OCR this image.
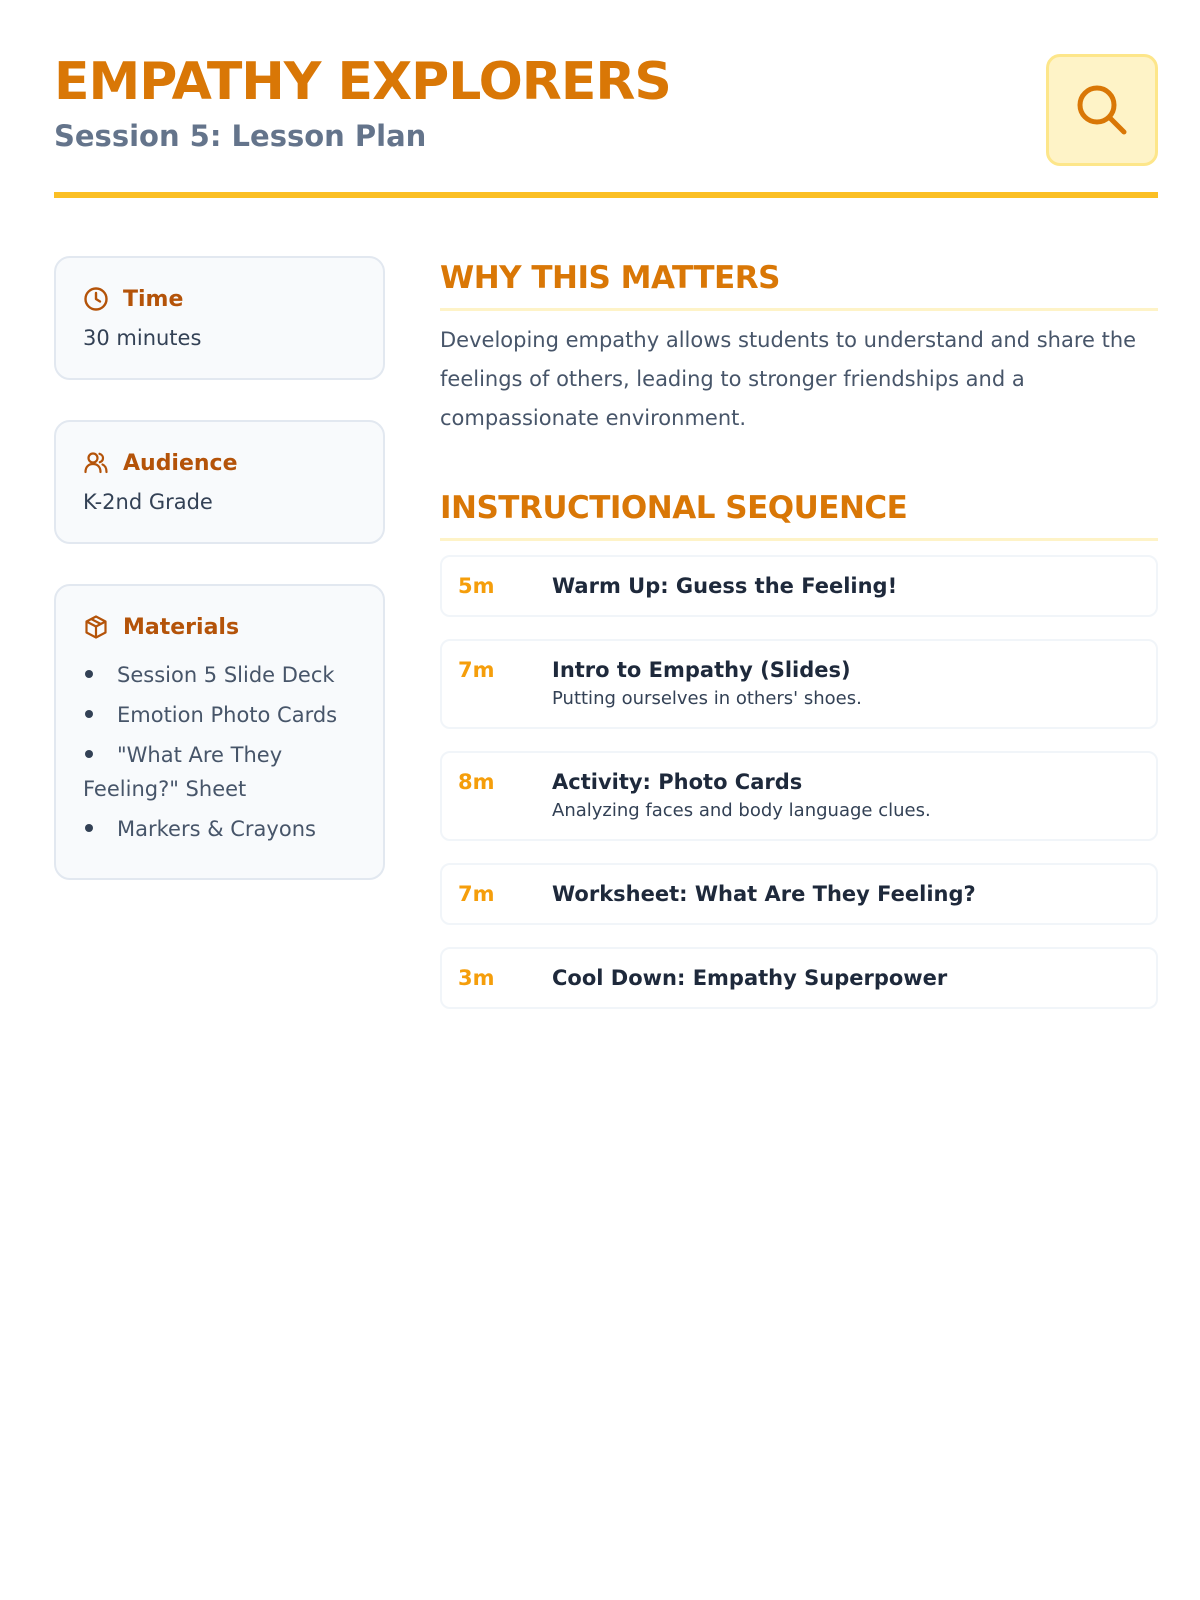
EMPATHY EXPLORERS
Session 5: Lesson Plan
Time
30 minutes
Audience
K-2nd Grade
Materials
Session 5 Slide Deck
Emotion Photo Cards
"What Are They Feeling?" Sheet
Markers & Crayons
WHY THIS MATTERS

Developing empathy allows students to understand and share the feelings of others, leading to stronger friendships and a compassionate environment.

INSTRUCTIONAL SEQUENCE
5m	Warm Up: Guess the Feeling!
7m	Intro to Empathy (Slides)
Putting ourselves in others' shoes.
8m	Activity: Photo Cards
Analyzing faces and body language clues.
7m	Worksheet: What Are They Feeling?
3m	Cool Down: Empathy Superpower
